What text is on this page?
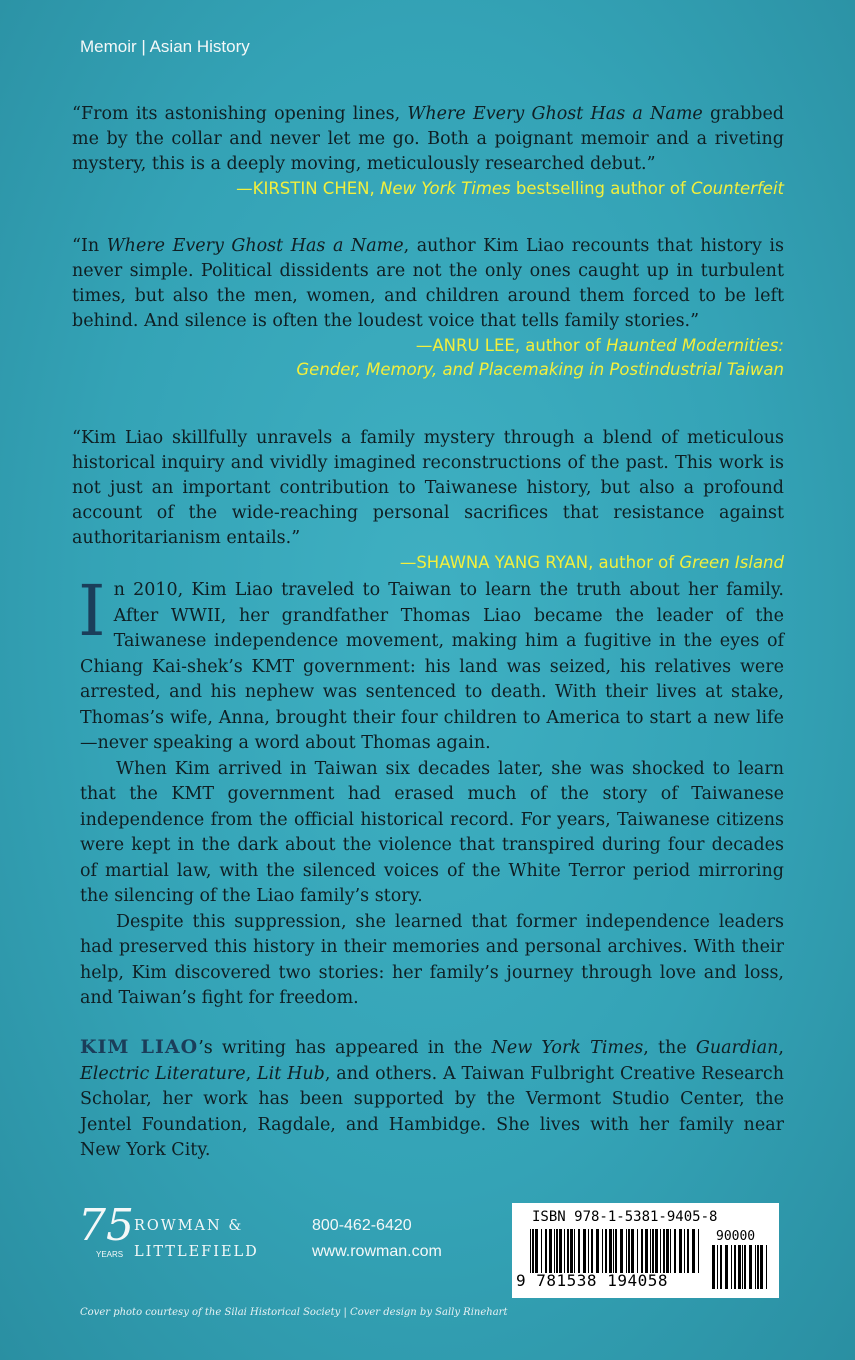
Memoir | Asian History

“From its astonishing opening lines, Where Every Ghost Has a Name grabbed me by the collar and never let me go. Both a poignant memoir and a riveting mystery, this is a deeply moving, meticulously researched debut.”

—KIRSTIN CHEN, New York Times bestselling author of Counterfeit

“In Where Every Ghost Has a Name, author Kim Liao recounts that history is never simple. Political dissidents are not the only ones caught up in turbulent times, but also the men, women, and children around them forced to be left behind. And silence is often the loudest voice that tells family stories.”

—ANRU LEE, author of Haunted Modernities:
Gender, Memory, and Placemaking in Postindustrial Taiwan

“Kim Liao skillfully unravels a family mystery through a blend of meticulous historical inquiry and vividly imagined reconstructions of the past. This work is not just an important contribution to Taiwanese history, but also a profound account of the wide-reaching personal sacrifices that resistance against authoritarianism entails.”

—SHAWNA YANG RYAN, author of Green Island

In 2010, Kim Liao traveled to Taiwan to learn the truth about her family. After WWII, her grandfather Thomas Liao became the leader of the Taiwanese independence movement, making him a fugitive in the eyes of Chiang Kai-shek’s KMT government: his land was seized, his relatives were arrested, and his nephew was sentenced to death. With their lives at stake, Thomas’s wife, Anna, brought their four children to America to start a new life—never speaking a word about Thomas again.

When Kim arrived in Taiwan six decades later, she was shocked to learn that the KMT government had erased much of the story of Taiwanese independence from the official historical record. For years, Taiwanese citizens were kept in the dark about the violence that transpired during four decades of martial law, with the silenced voices of the White Terror period mirroring the silencing of the Liao family’s story.

Despite this suppression, she learned that former independence leaders had preserved this history in their memories and personal archives. With their help, Kim discovered two stories: her family’s journey through love and loss, and Taiwan’s fight for freedom.

KIM LIAO’s writing has appeared in the New York Times, the Guardian, Electric Literature, Lit Hub, and others. A Taiwan Fulbright Creative Research Scholar, her work has been supported by the Vermont Studio Center, the Jentel Foundation, Ragdale, and Hambidge. She lives with her family near New York City.
75
YEARS
ROWMAN &
LITTLEFIELD
800-462-6420
www.rowman.com
ISBN 978-1-5381-9405-8
90000
9 781538 194058
Cover photo courtesy of the Silai Historical Society | Cover design by Sally Rinehart
